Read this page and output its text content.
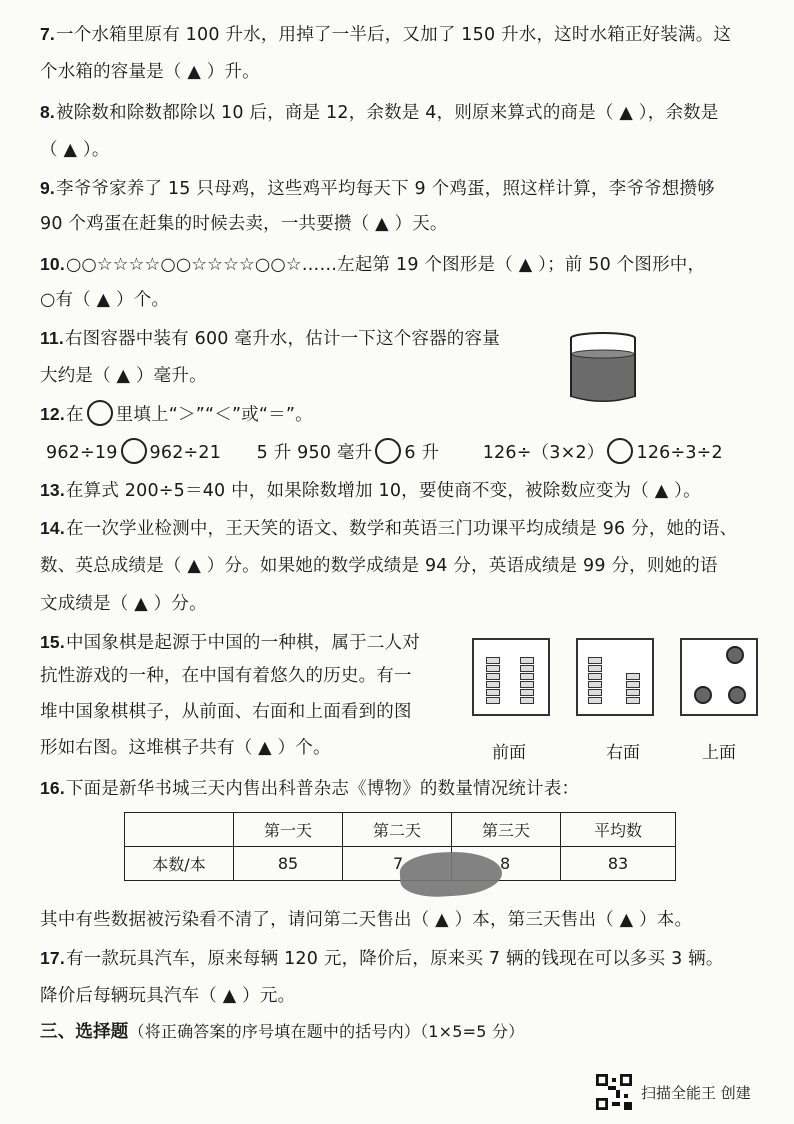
7.一个水箱里原有 100 升水，用掉了一半后，又加了 150 升水，这时水箱正好装满。这
个水箱的容量是（ ▲ ）升。
8.被除数和除数都除以 10 后，商是 12，余数是 4，则原来算式的商是（ ▲ ），余数是
（ ▲ ）。
9.李爷爷家养了 15 只母鸡，这些鸡平均每天下 9 个鸡蛋，照这样计算，李爷爷想攒够
90 个鸡蛋在赶集的时候去卖，一共要攒（ ▲ ）天。
10.○○☆☆☆☆○○☆☆☆☆○○☆……左起第 19 个图形是（ ▲ ）；前 50 个图形中，
○有（ ▲ ）个。
11.右图容器中装有 600 毫升水，估计一下这个容器的容量
大约是（ ▲ ）毫升。
12.在 里填上“＞”“＜”或“＝”。
962÷19 962÷21 5 升 950 毫升 6 升 126÷（3×2） 126÷3÷2
13.在算式 200÷5＝40 中，如果除数增加 10，要使商不变，被除数应变为（ ▲ ）。
14.在一次学业检测中，王天笑的语文、数学和英语三门功课平均成绩是 96 分，她的语、
数、英总成绩是（ ▲ ）分。如果她的数学成绩是 94 分，英语成绩是 99 分，则她的语
文成绩是（ ▲ ）分。
15.中国象棋是起源于中国的一种棋，属于二人对
抗性游戏的一种，在中国有着悠久的历史。有一
堆中国象棋棋子，从前面、右面和上面看到的图
形如右图。这堆棋子共有（ ▲ ）个。	前面	右面	上面
16.下面是新华书城三天内售出科普杂志《博物》的数量情况统计表：
	第一天	第二天	第三天	平均数
本数/本	85	7	8	83
其中有些数据被污染看不清了，请问第二天售出（ ▲ ）本，第三天售出（ ▲ ）本。
17.有一款玩具汽车，原来每辆 120 元，降价后，原来买 7 辆的钱现在可以多买 3 辆。
降价后每辆玩具汽车（ ▲ ）元。
三、选择题（将正确答案的序号填在题中的括号内）（1×5=5 分）
扫描全能王 创建
